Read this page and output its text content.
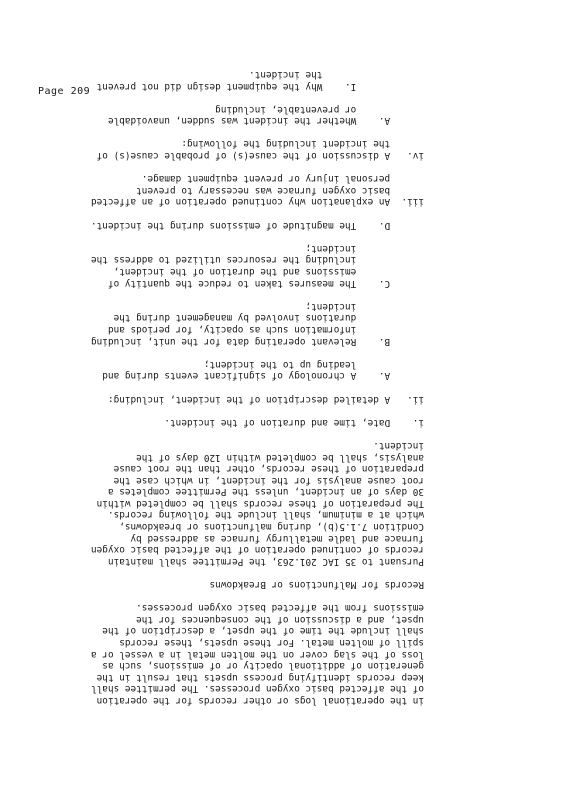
Page 209
in the operational logs or other records for the operation
of the affected basic oxygen processes. The permittee shall
keep records identifying process upsets that result in the
generation of additional opacity or of emissions, such as
loss of the slag cover on the molten metal in a vessel or a
spill of molten metal. For these upsets, these records
shall include the time of the upset, a description of the
upset, and a discussion of the consequences for the
emissions from the affected basic oxygen processes.
Records for Malfunctions or Breakdowns
Pursuant to 35 IAC 201.263, the Permittee shall maintain
records of continued operation of the affected basic oxygen
furnace and ladle metallurgy furnace as addressed by
Condition 7.1.5(b), during malfunctions or breakdowns,
which at a minimum, shall include the following records.
The preparation of these records shall be completed within
30 days of an incident, unless the Permittee completes a
root cause analysis for the incident, in which case the
preparation of these records, other than the root cause
analysis, shall be completed within 120 days of the
incident.
i.    Date, time and duration of the incident.
ii.   A detailed description of the incident, including:
A.    A chronology of significant events during and
leading up to the incident;
B.    Relevant operating data for the unit, including
information such as opacity, for periods and
durations involved by management during the
incident;
C.    The measures taken to reduce the quantity of
emissions and the duration of the incident,
including the resources utilized to address the
incident;
D.    The magnitude of emissions during the incident.
iii.  An explanation why continued operation of an affected
basic oxygen furnace was necessary to prevent
personal injury or prevent equipment damage.
iv.   A discussion of the cause(s) of probable cause(s) of
the incident including the following:
A.    Whether the incident was sudden, unavoidable
or preventable, including
I.    Why the equipment design did not prevent
the incident.
